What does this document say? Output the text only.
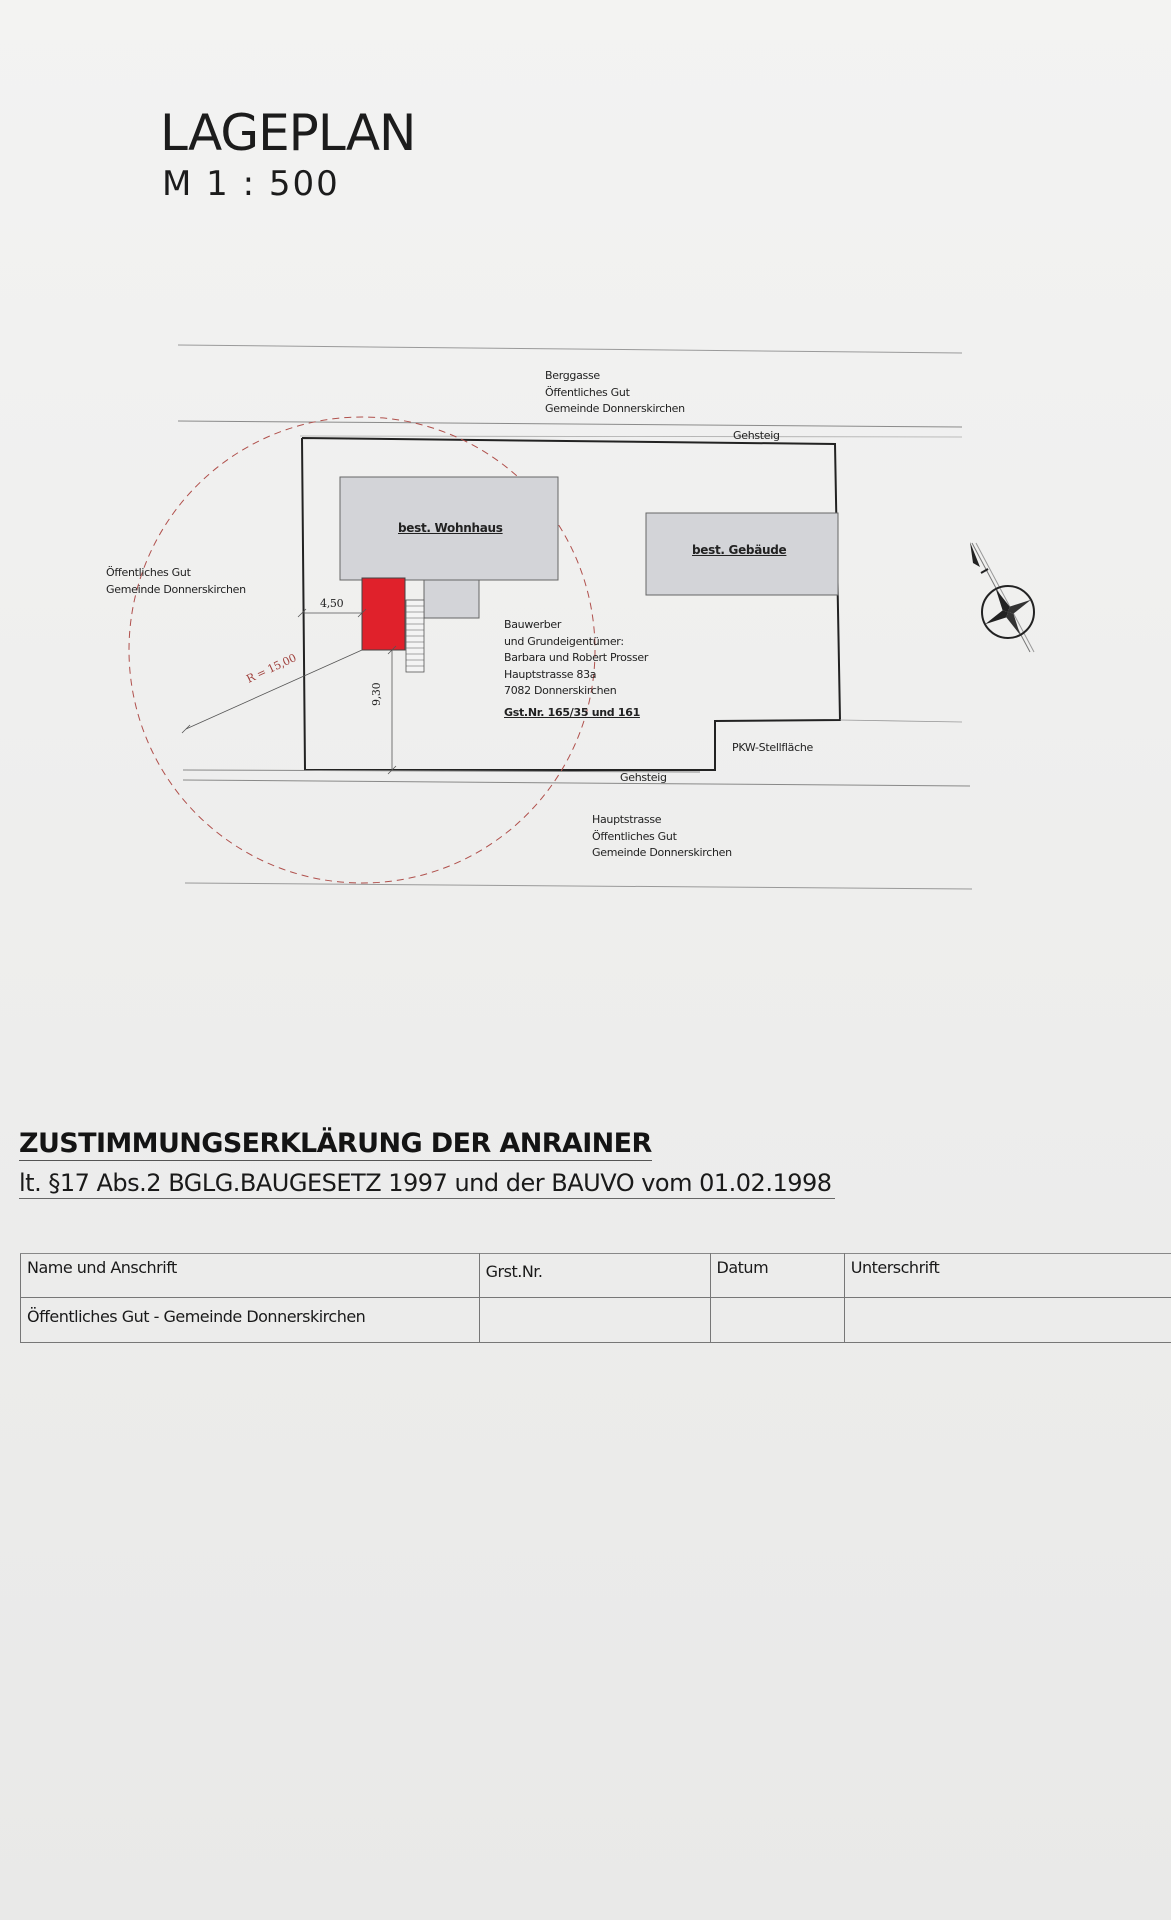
LAGEPLAN
M 1 : 500
Berggasse
Öffentliches Gut
Gemeinde Donnerskirchen
Gehsteig
Öffentliches Gut
Gemeinde Donnerskirchen
best. Wohnhaus
best. Gebäude
4,50
9,30
R = 15,00
Bauwerber
und Grundeigentümer:
Barbara und Robert Prosser
Hauptstrasse 83a
7082 Donnerskirchen
Gst.Nr. 165/35 und 161
PKW-Stellfläche
Gehsteig
Hauptstrasse
Öffentliches Gut
Gemeinde Donnerskirchen
ZUSTIMMUNGSERKLÄRUNG DER ANRAINER
lt. §17 Abs.2 BGLG.BAUGESETZ 1997 und der BAUVO vom 01.02.1998
Name und Anschrift	Grst.Nr.	Datum	Unterschrift
Öffentliches Gut - Gemeinde Donnerskirchen			
